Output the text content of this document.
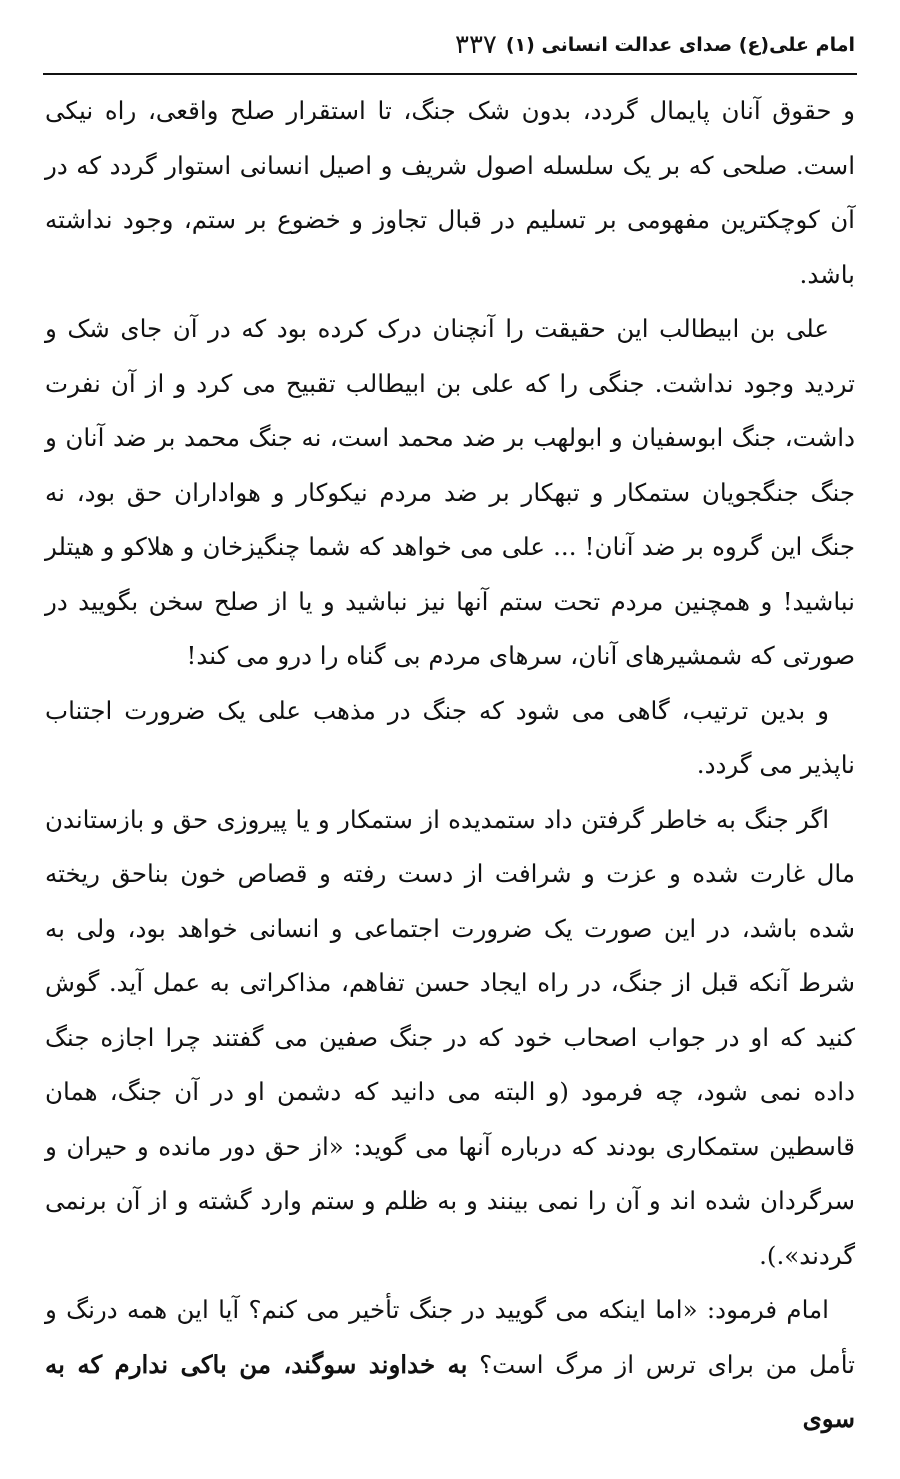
امام علی(ع) صدای عدالت انسانی (۱)
۳۳۷

و حقوق آنان پایمال گردد، بدون شک جنگ، تا استقرار صلح واقعی، راه نیکی است. صلحی که بر یک سلسله اصول شریف و اصیل انسانی استوار گردد که در آن کوچکترین مفهومی بر تسلیم در قبال تجاوز و خضوع بر ستم، وجود نداشته باشد.

علی بن ابیطالب این حقیقت را آنچنان درک کرده بود که در آن جای شک و تردید وجود نداشت. جنگی را که علی بن ابیطالب تقبیح می کرد و از آن نفرت داشت، جنگ ابوسفیان و ابولهب بر ضد محمد است، نه جنگ محمد بر ضد آنان و جنگ جنگجویان ستمکار و تبهکار بر ضد مردم نیکوکار و هواداران حق بود، نه جنگ این گروه بر ضد آنان! ... علی می خواهد که شما چنگیزخان و هلاکو و هیتلر نباشید! و همچنین مردم تحت ستم آنها نیز نباشید و یا از صلح سخن بگویید در صورتی که شمشیرهای آنان، سرهای مردم بی گناه را درو می کند!

و بدین ترتیب، گاهی می شود که جنگ در مذهب علی یک ضرورت اجتناب ناپذیر می گردد.

اگر جنگ به خاطر گرفتن داد ستمدیده از ستمکار و یا پیروزی حق و بازستاندن مال غارت شده و عزت و شرافت از دست رفته و قصاص خون بناحق ریخته شده باشد، در این صورت یک ضرورت اجتماعی و انسانی خواهد بود، ولی به شرط آنکه قبل از جنگ، در راه ایجاد حسن تفاهم، مذاکراتی به عمل آید. گوش کنید که او در جواب اصحاب خود که در جنگ صفین می گفتند چرا اجازه جنگ داده نمی شود، چه فرمود (و البته می دانید که دشمن او در آن جنگ، همان قاسطین ستمکاری بودند که درباره آنها می گوید: «از حق دور مانده و حیران و سرگردان شده اند و آن را نمی بینند و به ظلم و ستم وارد گشته و از آن برنمی گردند».).

امام فرمود: «اما اینکه می گویید در جنگ تأخیر می کنم؟ آیا این همه درنگ و تأمل من برای ترس از مرگ است؟ به خداوند سوگند، من باکی ندارم که به سوی
